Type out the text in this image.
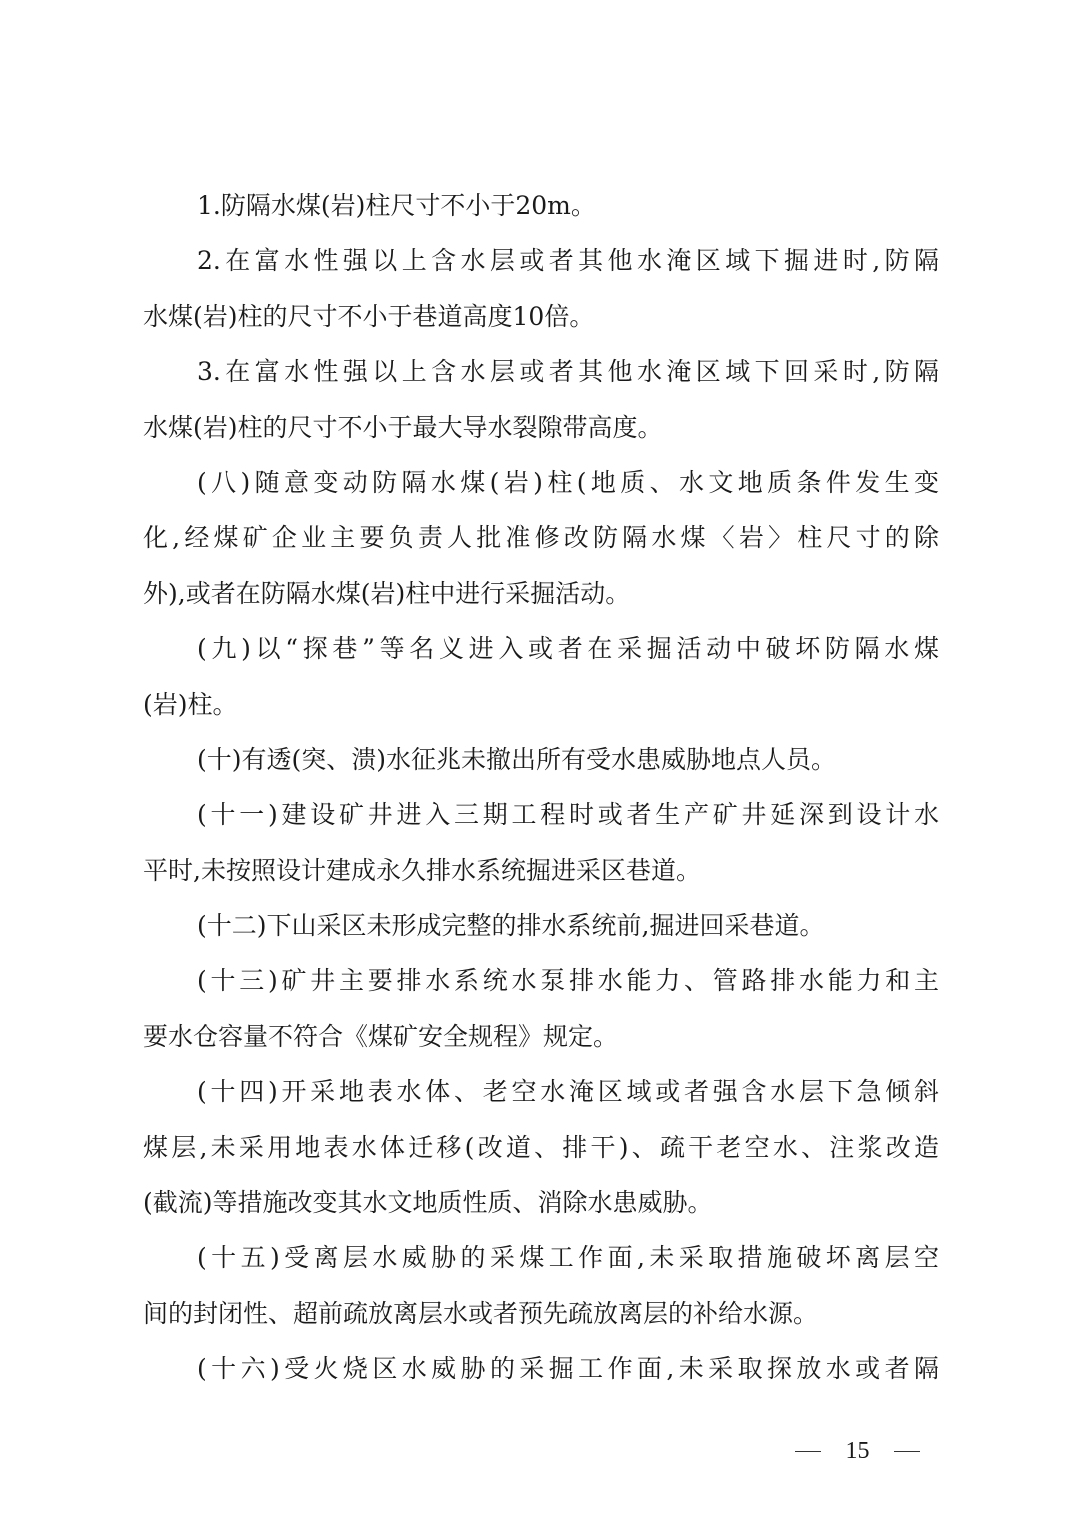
1.防隔水煤(岩)柱尺寸不小于20m。
2.在富水性强以上含水层或者其他水淹区域下掘进时,防隔
水煤(岩)柱的尺寸不小于巷道高度10倍。
3.在富水性强以上含水层或者其他水淹区域下回采时,防隔
水煤(岩)柱的尺寸不小于最大导水裂隙带高度。
(八)随意变动防隔水煤(岩)柱(地质、水文地质条件发生变
化,经煤矿企业主要负责人批准修改防隔水煤〈岩〉柱尺寸的除
外),或者在防隔水煤(岩)柱中进行采掘活动。
(九)以“探巷”等名义进入或者在采掘活动中破坏防隔水煤
(岩)柱。
(十)有透(突、溃)水征兆未撤出所有受水患威胁地点人员。
(十一)建设矿井进入三期工程时或者生产矿井延深到设计水
平时,未按照设计建成永久排水系统掘进采区巷道。
(十二)下山采区未形成完整的排水系统前,掘进回采巷道。
(十三)矿井主要排水系统水泵排水能力、管路排水能力和主
要水仓容量不符合《煤矿安全规程》规定。
(十四)开采地表水体、老空水淹区域或者强含水层下急倾斜
煤层,未采用地表水体迁移(改道、排干)、疏干老空水、注浆改造
(截流)等措施改变其水文地质性质、消除水患威胁。
(十五)受离层水威胁的采煤工作面,未采取措施破坏离层空
间的封闭性、超前疏放离层水或者预先疏放离层的补给水源。
(十六)受火烧区水威胁的采掘工作面,未采取探放水或者隔
15
